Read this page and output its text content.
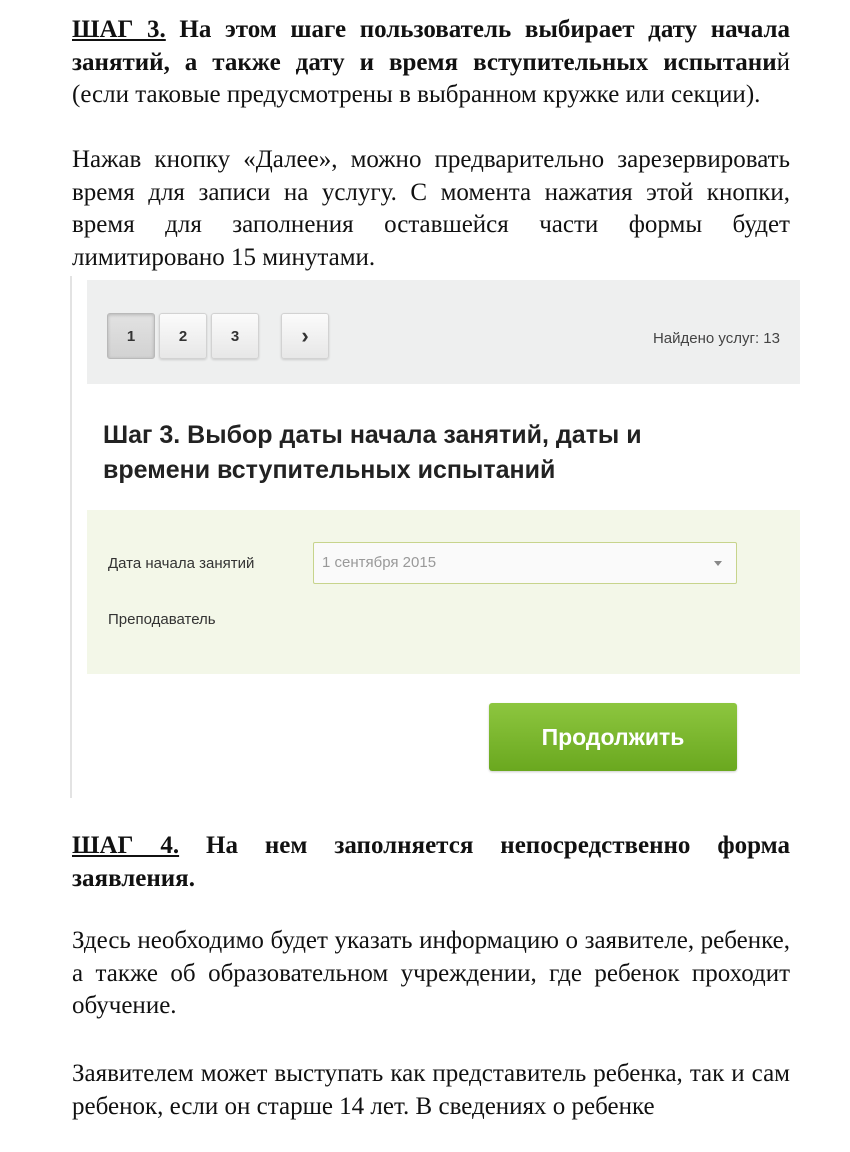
ШАГ 3. На этом шаге пользователь выбирает дату начала занятий, а также дату и время вступительных испытаний (если таковые предусмотрены в выбранном кружке или секции).
Нажав кнопку «Далее», можно предварительно зарезервировать время для записи на услугу. С момента нажатия этой кнопки, время для заполнения оставшейся части формы будет лимитировано 15 минутами.
1	2	3	›	Найдено услуг: 13
Шаг 3. Выбор даты начала занятий, даты и
времени вступительных испытаний
Дата начала занятий	1 сентября 2015
Преподаватель
Продолжить
ШАГ 4. На нем заполняется непосредственно форма заявления.
Здесь необходимо будет указать информацию о заявителе, ребенке, а также об образовательном учреждении, где ребенок проходит обучение.
Заявителем может выступать как представитель ребенка, так и сам ребенок, если он старше 14 лет. В сведениях о ребенке
